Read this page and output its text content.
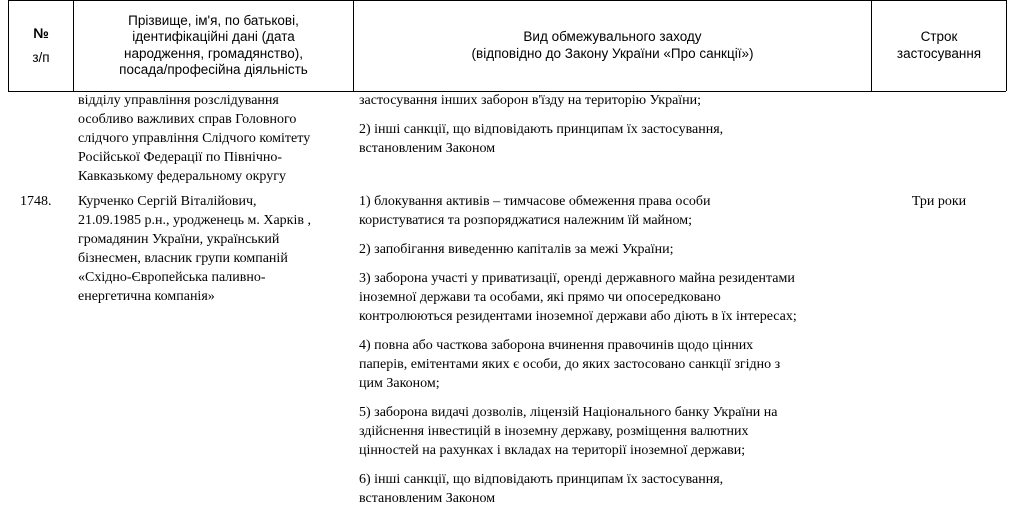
№
з/п
Прізвище, ім'я, по батькові,
ідентифікаційні дані (дата
народження, громадянство),
посада/професійна діяльність
Вид обмежувального заходу
(відповідно до Закону України «Про санкції»)
Строк
застосування
відділу управління розслідування
особливо важливих справ Головного
слідчого управління Слідчого комітету
Російської Федерації по Північно-
Кавказькому федеральному округу

застосування інших заборон в'їзду на територію України;

2) інші санкції, що відповідають принципам їх застосування,
встановленим Законом

1748.	Курченко Сергій Віталійович,
21.09.1985 р.н., уродженець м. Харків ,
громадянин України, український
бізнесмен, власник групи компаній
«Східно-Європейська паливно-
енергетична компанія»

1) блокування активів – тимчасове обмеження права особи
користуватися та розпоряджатися належним їй майном;

2) запобігання виведенню капіталів за межі України;

3) заборона участі у приватизації, оренді державного майна резидентами
іноземної держави та особами, які прямо чи опосередковано
контролюються резидентами іноземної держави або діють в їх інтересах;

4) повна або часткова заборона вчинення правочинів щодо цінних
паперів, емітентами яких є особи, до яких застосовано санкції згідно з
цим Законом;

5) заборона видачі дозволів, ліцензій Національного банку України на
здійснення інвестицій в іноземну державу, розміщення валютних
цінностей на рахунках і вкладах на території іноземної держави;

6) інші санкції, що відповідають принципам їх застосування,
встановленим Законом

Три роки
